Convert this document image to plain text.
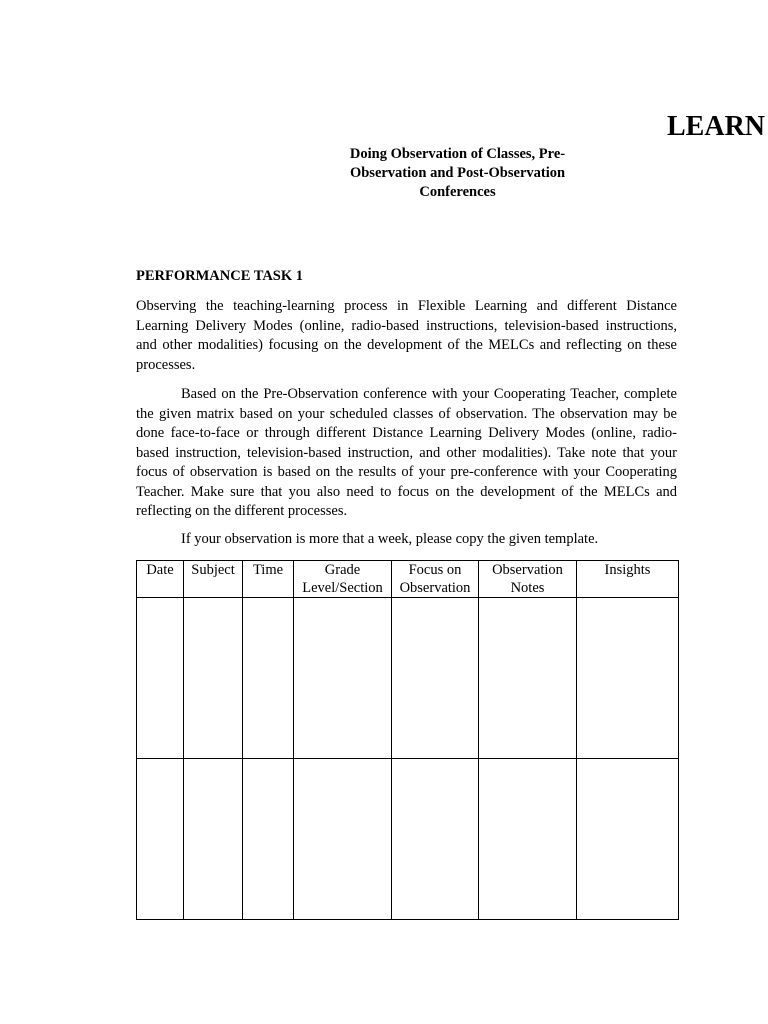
LEARN
Doing Observation of Classes, Pre-Observation and Post-Observation Conferences
PERFORMANCE TASK 1

Observing the teaching-learning process in Flexible Learning and different Distance Learning Delivery Modes (online, radio-based instructions, television-based instructions, and other modalities) focusing on the development of the MELCs and reflecting on these processes.

Based on the Pre-Observation conference with your Cooperating Teacher, complete the given matrix based on your scheduled classes of observation. The observation may be done face-to-face or through different Distance Learning Delivery Modes (online, radio-based instruction, television-based instruction, and other modalities). Take note that your focus of observation is based on the results of your pre-conference with your Cooperating Teacher. Make sure that you also need to focus on the development of the MELCs and reflecting on the different processes.

If your observation is more that a week, please copy the given template.

Date	Subject	Time	Grade Level/Section	Focus on Observation	Observation Notes	Insights
